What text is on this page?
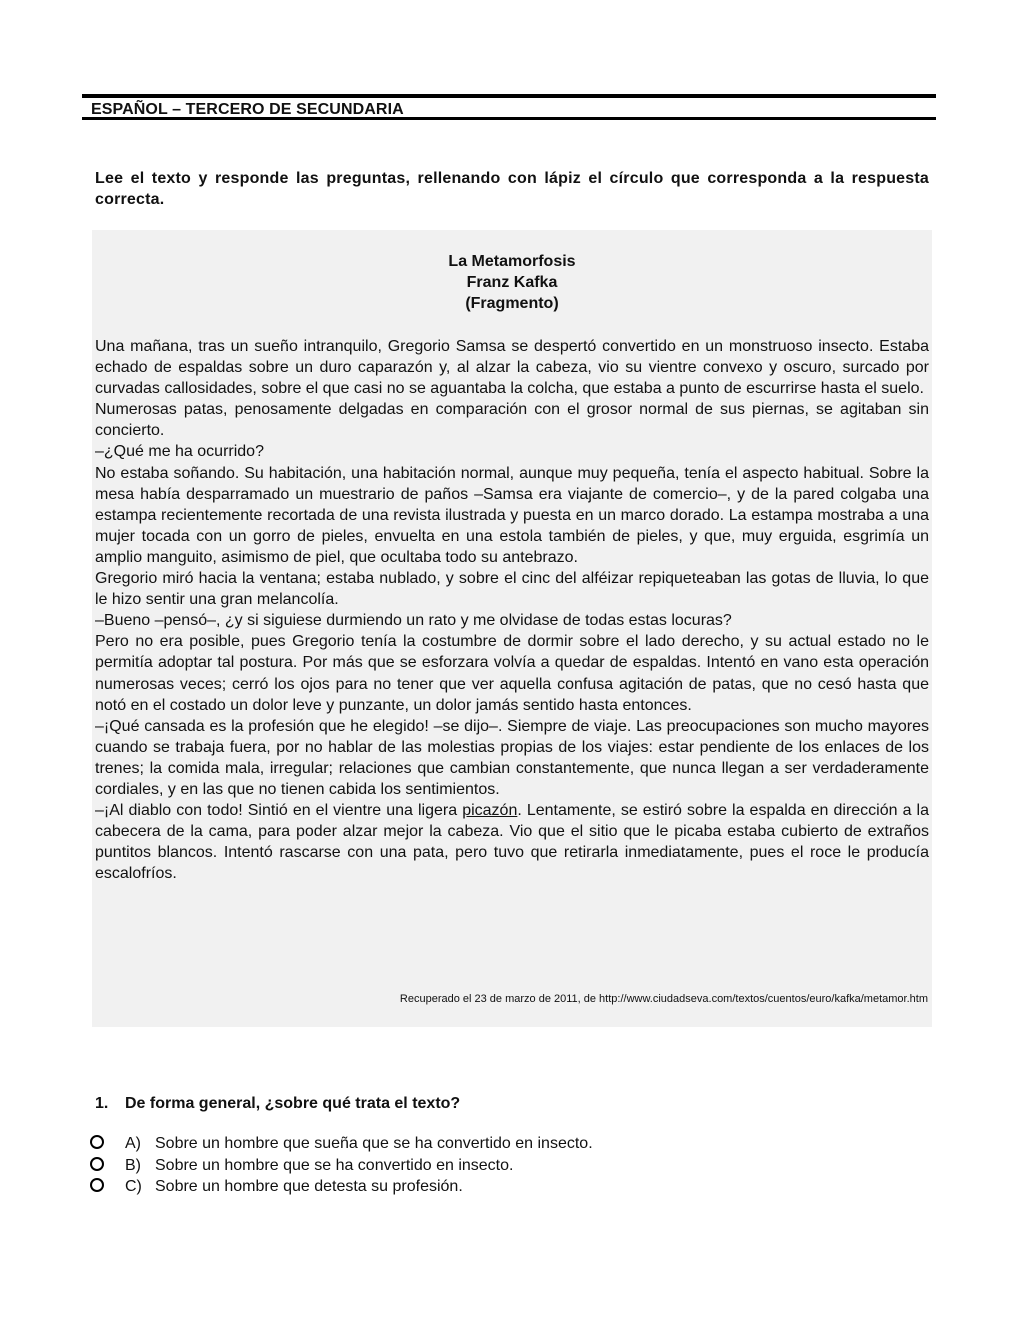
ESPAÑOL – TERCERO DE SECUNDARIA
Lee el texto y responde las preguntas, rellenando con lápiz el círculo que corresponda a la respuesta correcta.
La Metamorfosis
Franz Kafka
(Fragmento)

Una mañana, tras un sueño intranquilo, Gregorio Samsa se despertó convertido en un monstruoso insecto. Estaba echado de espaldas sobre un duro caparazón y, al alzar la cabeza, vio su vientre convexo y oscuro, surcado por curvadas callosidades, sobre el que casi no se aguantaba la colcha, que estaba a punto de escurrirse hasta el suelo.

Numerosas patas, penosamente delgadas en comparación con el grosor normal de sus piernas, se agitaban sin concierto.

–¿Qué me ha ocurrido?

No estaba soñando. Su habitación, una habitación normal, aunque muy pequeña, tenía el aspecto habitual. Sobre la mesa había desparramado un muestrario de paños –Samsa era viajante de comercio–, y de la pared colgaba una estampa recientemente recortada de una revista ilustrada y puesta en un marco dorado. La estampa mostraba a una mujer tocada con un gorro de pieles, envuelta en una estola también de pieles, y que, muy erguida, esgrimía un amplio manguito, asimismo de piel, que ocultaba todo su antebrazo.

Gregorio miró hacia la ventana; estaba nublado, y sobre el cinc del alféizar repiqueteaban las gotas de lluvia, lo que le hizo sentir una gran melancolía.

–Bueno –pensó–, ¿y si siguiese durmiendo un rato y me olvidase de todas estas locuras?

Pero no era posible, pues Gregorio tenía la costumbre de dormir sobre el lado derecho, y su actual estado no le permitía adoptar tal postura. Por más que se esforzara volvía a quedar de espaldas. Intentó en vano esta operación numerosas veces; cerró los ojos para no tener que ver aquella confusa agitación de patas, que no cesó hasta que notó en el costado un dolor leve y punzante, un dolor jamás sentido hasta entonces.

–¡Qué cansada es la profesión que he elegido! –se dijo–. Siempre de viaje. Las preocupaciones son mucho mayores cuando se trabaja fuera, por no hablar de las molestias propias de los viajes: estar pendiente de los enlaces de los trenes; la comida mala, irregular; relaciones que cambian constantemente, que nunca llegan a ser verdaderamente cordiales, y en las que no tienen cabida los sentimientos.

–¡Al diablo con todo! Sintió en el vientre una ligera picazón. Lentamente, se estiró sobre la espalda en dirección a la cabecera de la cama, para poder alzar mejor la cabeza. Vio que el sitio que le picaba estaba cubierto de extraños puntitos blancos. Intentó rascarse con una pata, pero tuvo que retirarla inmediatamente, pues el roce le producía escalofríos.

Recuperado el 23 de marzo de 2011, de http://www.ciudadseva.com/textos/cuentos/euro/kafka/metamor.htm
1. De forma general, ¿sobre qué trata el texto?
A) Sobre un hombre que sueña que se ha convertido en insecto.
B) Sobre un hombre que se ha convertido en insecto.
C) Sobre un hombre que detesta su profesión.
